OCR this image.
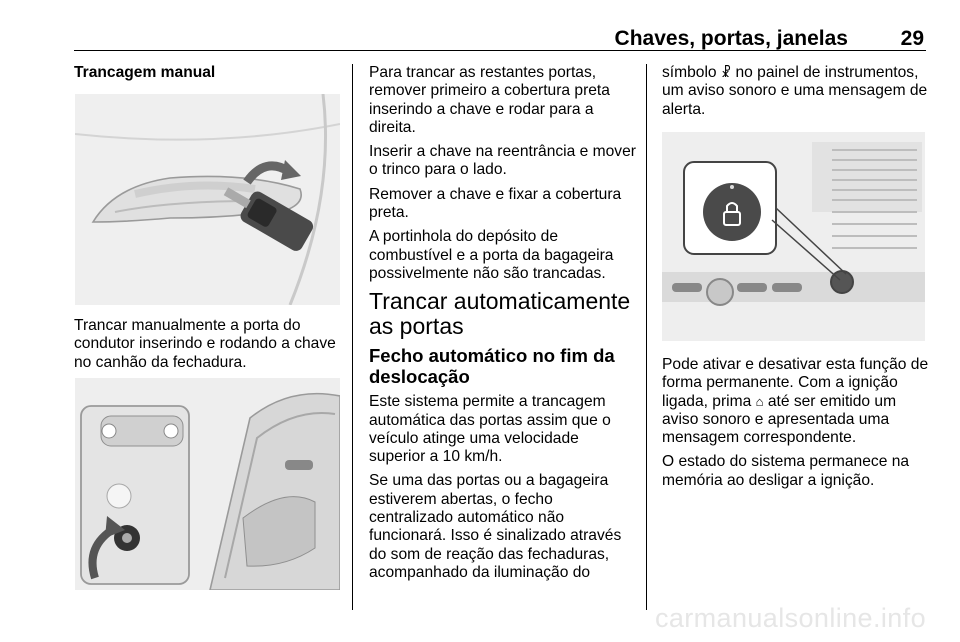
Chaves, portas, janelas	29

Trancagem manual

Trancar manualmente a porta do condutor inserindo e rodando a chave no canhão da fechadura.

Para trancar as restantes portas, remover primeiro a cobertura preta inserindo a chave e rodar para a direita.

Inserir a chave na reentrância e mover o trinco para o lado.

Remover a chave e fixar a cobertura preta.

A portinhola do depósito de combustível e a porta da bagageira possivelmente não são trancadas.

Trancar automaticamente as portas

Fecho automático no fim da deslocação

Este sistema permite a trancagem automática das portas assim que o veículo atinge uma velocidade superior a 10 km/h.

Se uma das portas ou a bagageira estiverem abertas, o fecho centralizado automático não funcionará. Isso é sinalizado através do som de reação das fechaduras, acompanhado da iluminação do

símbolo ☧ no painel de instrumentos, um aviso sonoro e uma mensagem de alerta.

Pode ativar e desativar esta função de forma permanente. Com a ignição ligada, prima ⌂ até ser emitido um aviso sonoro e apresentada uma mensagem correspondente.

O estado do sistema permanece na memória ao desligar a ignição.

carmanualsonline.info
